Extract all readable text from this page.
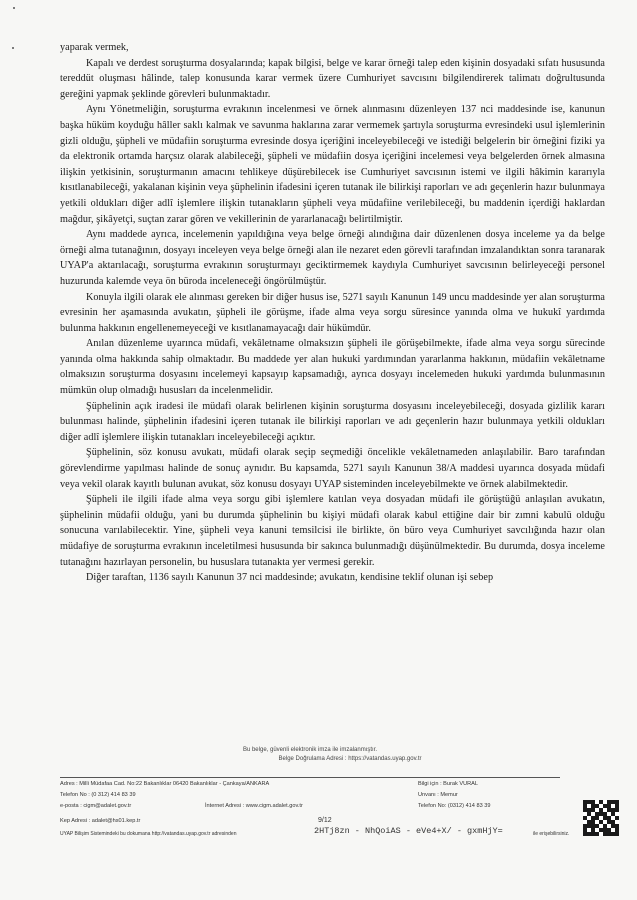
yaparak vermek,

Kapalı ve derdest soruşturma dosyalarında; kapak bilgisi, belge ve karar örneği talep eden kişinin dosyadaki sıfatı hususunda tereddüt oluşması hâlinde, talep konusunda karar vermek üzere Cumhuriyet savcısını bilgilendirerek talimatı doğrultusunda gereğini yapmak şeklinde görevleri bulunmaktadır.

Aynı Yönetmeliğin, soruşturma evrakının incelenmesi ve örnek alınmasını düzenleyen 137 nci maddesinde ise, kanunun başka hüküm koyduğu hâller saklı kalmak ve savunma haklarına zarar vermemek şartıyla soruşturma evresindeki usul işlemlerinin gizli olduğu, şüpheli ve müdafiin soruşturma evresinde dosya içeriğini inceleyebileceği ve istediği belgelerin bir örneğini fiziki ya da elektronik ortamda harçsız olarak alabileceği, şüpheli ve müdafiin dosya içeriğini incelemesi veya belgelerden örnek almasına ilişkin yetkisinin, soruşturmanın amacını tehlikeye düşürebilecek ise Cumhuriyet savcısının istemi ve ilgili hâkimin kararıyla kısıtlanabileceği, yakalanan kişinin veya şüphelinin ifadesini içeren tutanak ile bilirkişi raporları ve adı geçenlerin hazır bulunmaya yetkili oldukları diğer adlî işlemlere ilişkin tutanakların şüpheli veya müdafiine verilebileceği, bu maddenin içerdiği haklardan mağdur, şikâyetçi, suçtan zarar gören ve vekillerinin de yararlanacağı belirtilmiştir.

Aynı maddede ayrıca, incelemenin yapıldığına veya belge örneği alındığına dair düzenlenen dosya inceleme ya da belge örneği alma tutanağının, dosyayı inceleyen veya belge örneği alan ile nezaret eden görevli tarafından imzalandıktan sonra taranarak UYAP'a aktarılacağı, soruşturma evrakının soruşturmayı geciktirmemek kaydıyla Cumhuriyet savcısının belirleyeceği personel huzurunda kalemde veya ön büroda inceleneceği öngörülmüştür.

Konuyla ilgili olarak ele alınması gereken bir diğer husus ise, 5271 sayılı Kanunun 149 uncu maddesinde yer alan soruşturma evresinin her aşamasında avukatın, şüpheli ile görüşme, ifade alma veya sorgu süresince yanında olma ve hukukî yardımda bulunma hakkının engellenemeyeceği ve kısıtlanamayacağı dair hükümdür.

Anılan düzenleme uyarınca müdafi, vekâletname olmaksızın şüpheli ile görüşebilmekte, ifade alma veya sorgu sürecinde yanında olma hakkında sahip olmaktadır. Bu maddede yer alan hukuki yardımından yararlanma hakkının, müdafiin vekâletname olmaksızın soruşturma dosyasını incelemeyi kapsayıp kapsamadığı, ayrıca dosyayı incelemeden hukuki yardımda bulunmasının mümkün olup olmadığı hususları da incelenmelidir.

Şüphelinin açık iradesi ile müdafi olarak belirlenen kişinin soruşturma dosyasını inceleyebileceği, dosyada gizlilik kararı bulunması halinde, şüphelinin ifadesini içeren tutanak ile bilirkişi raporları ve adı geçenlerin hazır bulunmaya yetkili oldukları diğer adlî işlemlere ilişkin tutanakları inceleyebileceği açıktır.

Şüphelinin, söz konusu avukatı, müdafi olarak seçip seçmediği öncelikle vekâletnameden anlaşılabilir. Baro tarafından görevlendirme yapılması halinde de sonuç aynıdır. Bu kapsamda, 5271 sayılı Kanunun 38/A maddesi uyarınca dosyada müdafi veya vekil olarak kayıtlı bulunan avukat, söz konusu dosyayı UYAP sisteminden inceleyebilmekte ve örnek alabilmektedir.

Şüpheli ile ilgili ifade alma veya sorgu gibi işlemlere katılan veya dosyadan müdafi ile görüştüğü anlaşılan avukatın, şüphelinin müdafii olduğu, yani bu durumda şüphelinin bu kişiyi müdafi olarak kabul ettiğine dair bir zımni kabulü olduğu sonucuna varılabilecektir. Yine, şüpheli veya kanuni temsilcisi ile birlikte, ön büro veya Cumhuriyet savcılığında hazır olan müdafiye de soruşturma evrakının inceletilmesi hususunda bir sakınca bulunmadığı düşünülmektedir. Bu durumda, dosya inceleme tutanağını hazırlayan personelin, bu hususlara tutanakta yer vermesi gerekir.

Diğer taraftan, 1136 sayılı Kanunun 37 nci maddesinde; avukatın, kendisine teklif olunan işi sebep

Bu belge, güvenli elektronik imza ile imzalanmıştır.
Belge Doğrulama Adresi : https://vatandas.uyap.gov.tr
Adres : Milli Müdafaa Cad. No:22 Bakanlıklar 06420 Bakanlıklar - Çankaya/ANKARA
Telefon No : (0 312) 414 83 39
e-posta : cigm@adalet.gov.tr	İnternet Adresi : www.cigm.adalet.gov.tr
Kep Adresi : adalet@hs01.kep.tr	9/12
Bilgi için : Burak VURAL
Unvanı : Memur
Telefon No: (0312) 414 83 39
UYAP Bilişim Sistemindeki bu dokumana http://vatandas.uyap.gov.tr adresinden	2HTj8zn - NhQoiAS - eVe4+X/ - gxmHjY=	ile erişebilirsiniz.
